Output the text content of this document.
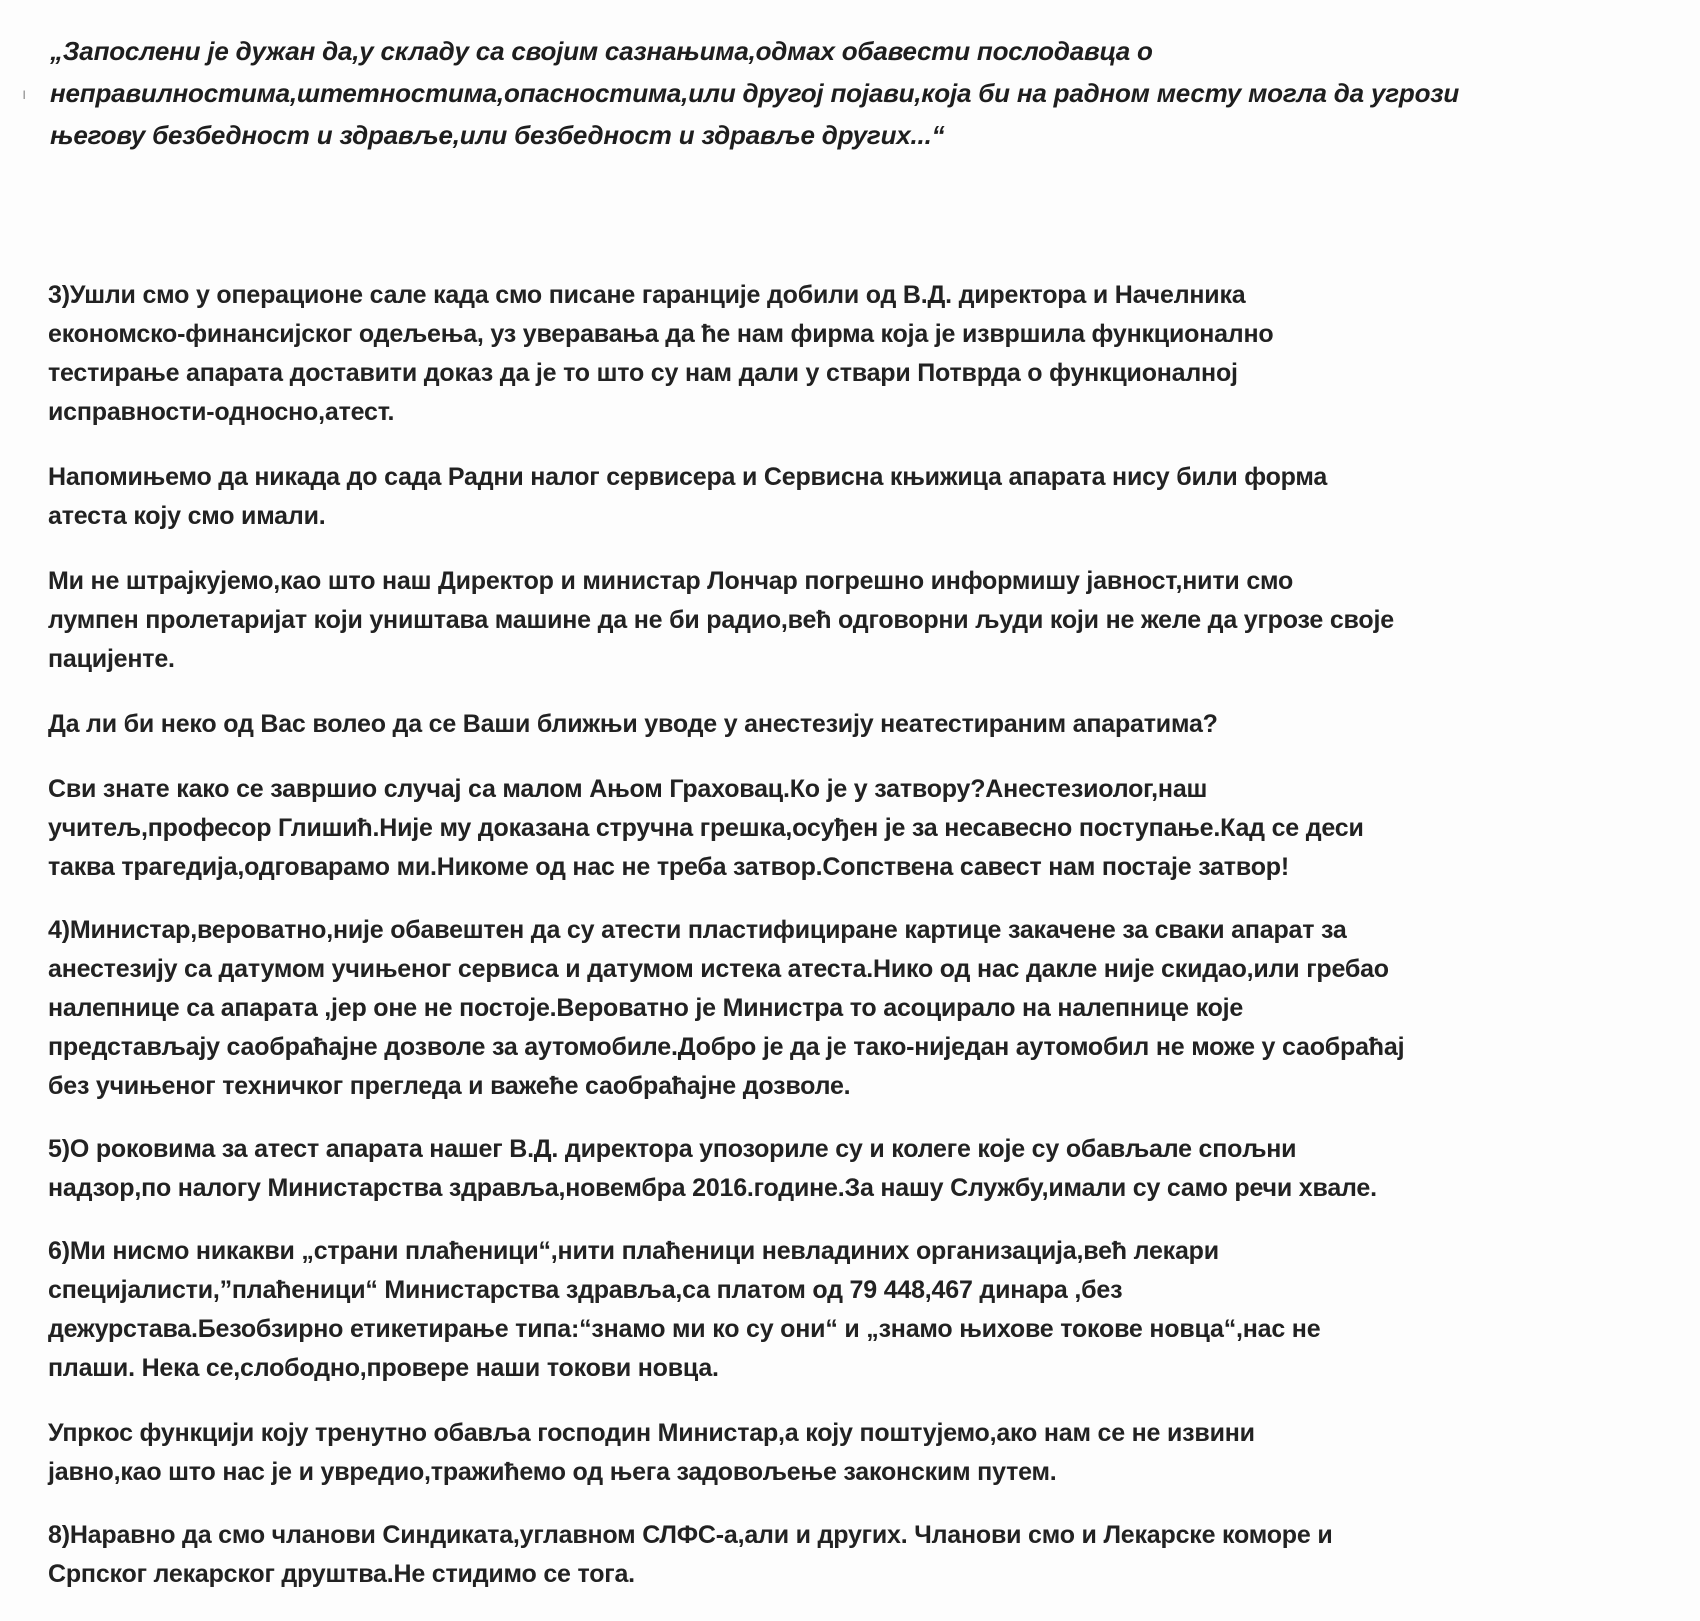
ı
„Запослени је дужан да,у складу са својим сазнањима,одмах обавести послодавца о
неправилностима,штетностима,опасностима,или другој појави,која би на радном месту могла да угрози
његову безбедност и здравље,или безбедност и здравље других...“

3)Ушли смо у операционе сале када смо писане гаранције добили од В.Д. директора и Начелника
економско-финансијског одељења, уз уверавања да ће нам фирма која је извршила функционално
тестирање апарата доставити доказ да је то што су нам дали у ствари Потврда о функционалној
исправности-односно,атест.

Напомињемо да никада до сада Радни налог сервисера и Сервисна књижица апарата нису били форма
атеста коју смо имали.

Ми не штрајкујемо,као што наш Директор и министар Лончар погрешно информишу јавност,нити смо
лумпен пролетаријат који уништава машине да не би радио,већ одговорни људи који не желе да угрозе своје
пацијенте.

Да ли би неко од Вас волео да се Ваши ближњи уводе у анестезију неатестираним апаратима?

Сви знате како се завршио случај са малом Ањом Граховац.Ко је у затвору?Анестезиолог,наш
учитељ,професор Глишић.Није му доказана стручна грешка,осуђен је за несавесно поступање.Кад се деси
таква трагедија,одговарамо ми.Никоме од нас не треба затвор.Сопствена савест нам постаје затвор!

4)Министар,вероватно,није обавештен да су атести пластифициране картице закачене за сваки апарат за
анестезију са датумом учињеног сервиса и датумом истека атеста.Нико од нас дакле није скидао,или гребао
налепнице са апарата ,јер оне не постоје.Вероватно је Министра то асоцирало на налепнице које
представљају саобраћајне дозволе за аутомобиле.Добро је да је тако-ниједан аутомобил не може у саобраћај
без учињеног техничког прегледа и важеће саобраћајне дозволе.

5)О роковима за атест апарата нашег В.Д. директора упозориле су и колеге које су обављале спољни
надзор,по налогу Министарства здравља,новембра 2016.године.За нашу Службу,имали су само речи хвале.

6)Ми нисмо никакви „страни плаћеници“,нити плаћеници невладиних организација,већ лекари
специјалисти,”плаћеници“ Министарства здравља,са платом од 79 448,467 динара ,без
дежурстава.Безобзирно етикетирање типа:“знамо ми ко су они“ и „знамо њихове токове новца“,нас не
плаши. Нека се,слободно,провере наши токови новца.

Упркос функцији коју тренутно обавља господин Министар,а коју поштујемо,ако нам се не извини
јавно,као што нас је и увредио,тражићемо од њега задовољење законским путем.

8)Наравно да смо чланови Синдиката,углавном СЛФС-а,али и других. Чланови смо и Лекарске коморе и
Српског лекарског друштва.Не стидимо се тога.
